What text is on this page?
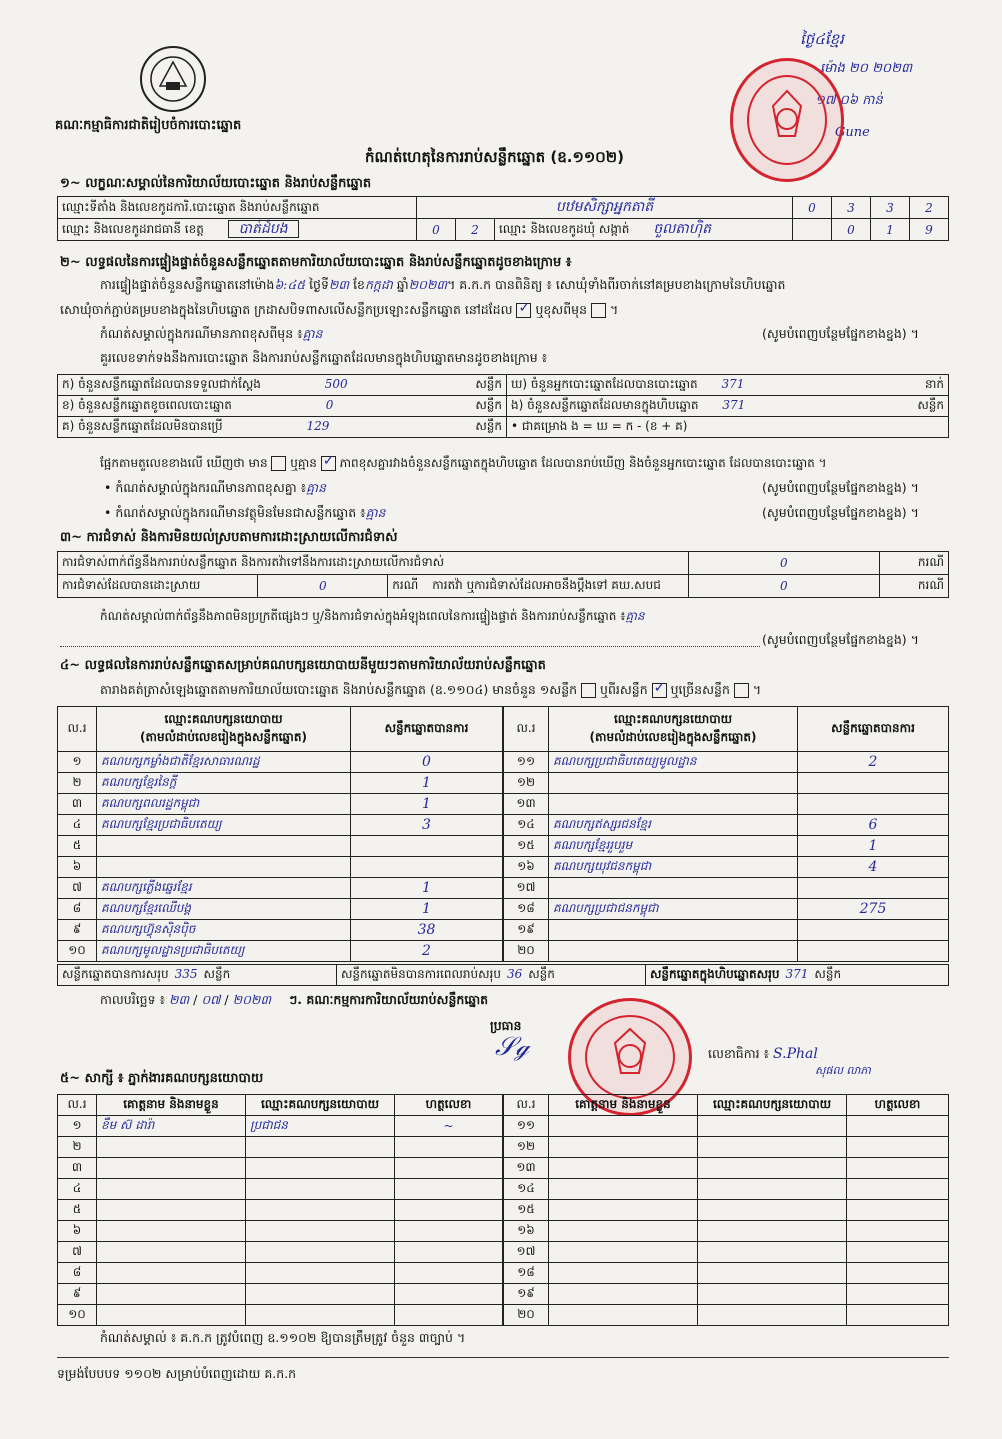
គណៈកម្មាធិការជាតិរៀបចំការបោះឆ្នោត
កំណត់ហេតុនៃការរាប់សន្លឹកឆ្នោត (ឧ.១១០២)
ថ្ងៃ៤ខ្មែរ
ម៉ោង ២០ ២០២៣
១៧ ០៦ កាន់
Gune
១~ លក្ខណៈសម្គាល់នៃការិយាល័យបោះឆ្នោត និងរាប់សន្លឹកឆ្នោត
ឈ្មោះទីតាំង និងលេខកូដការិ.បោះឆ្នោត និងរាប់សន្លឹកឆ្នោត	បឋមសិក្សាអ្នកតាតី			0	3	3	2
ឈ្មោះ និងលេខកូដរាជធានី ខេត្ត បាត់ដំបង	0	2	ឈ្មោះ និងលេខកូដឃុំ សង្កាត់ ចួលតាហ៊ិត		0	1	9
២~ លទ្ធផលនៃការផ្ទៀងផ្ទាត់ចំនួនសន្លឹកឆ្នោតតាមការិយាល័យបោះឆ្នោត និងរាប់សន្លឹកឆ្នោតដូចខាងក្រោម ៖
ការផ្ទៀងផ្ទាត់ចំនួនសន្លឹកឆ្នោតនៅម៉ោង៦:៤៥ ថ្ងៃទី២៣ ខែកក្កដា ឆ្នាំ២០២៣។ គ.ក.ក បានពិនិត្យ ៖ សោឃុំទាំងពីរចាក់នៅគម្របខាងក្រោមនៃហិបឆ្នោត
សោឃុំចាក់ភ្ជាប់គម្របខាងក្នុងនៃហិបឆ្នោត ក្រដាសបិទពាសលើសន្លឹកប្រឡោះសន្លឹកឆ្នោត នៅដដែល ✓ ឬខុសពីមុន  ។
កំណត់សម្គាល់ក្នុងករណីមានភាពខុសពីមុន ៖គ្មាន	(សូមបំពេញបន្ថែមផ្នែកខាងខ្នង) ។
គួរលេខទាក់ទងនឹងការបោះឆ្នោត និងការរាប់សន្លឹកឆ្នោតដែលមានក្នុងហិបឆ្នោតមានដូចខាងក្រោម ៖
ក) ចំនួនសន្លឹកឆ្នោតដែលបានទទួលជាក់ស្តែង 500 សន្លឹក	ឃ) ចំនួនអ្នកបោះឆ្នោតដែលបានបោះឆ្នោត 371 នាក់

ខ) ចំនួនសន្លឹកឆ្នោតខូចពេលបោះឆ្នោត 0 សន្លឹក	ង) ចំនួនសន្លឹកឆ្នោតដែលមានក្នុងហិបឆ្នោត 371 សន្លឹក

គ) ចំនួនសន្លឹកឆ្នោតដែលមិនបានប្រើ 129 សន្លឹក	• ជាគម្រោង ង = ឃ = ក - (ខ + គ)
ផ្អែកតាមតួលេខខាងលើ ឃើញថា មាន ឬគ្មាន ✓ ភាពខុសគ្នារវាងចំនួនសន្លឹកឆ្នោតក្នុងហិបឆ្នោត ដែលបានរាប់ឃើញ និងចំនួនអ្នកបោះឆ្នោត ដែលបានបោះឆ្នោត ។
• កំណត់សម្គាល់ក្នុងករណីមានភាពខុសគ្នា ៖គ្មាន	(សូមបំពេញបន្ថែមផ្នែកខាងខ្នង) ។
• កំណត់សម្គាល់ក្នុងករណីមានវត្ថុមិនមែនជាសន្លឹកឆ្នោត ៖គ្មាន	(សូមបំពេញបន្ថែមផ្នែកខាងខ្នង) ។
៣~ ការជំទាស់ និងការមិនយល់ស្របតាមការដោះស្រាយលើការជំទាស់
ការជំទាស់ពាក់ព័ន្ធនឹងការរាប់សន្លឹកឆ្នោត និងការតវ៉ាទៅនឹងការដោះស្រាយលើការជំទាស់			0	ករណី
ការជំទាស់ដែលបានដោះស្រាយ	0	ករណី ការតវ៉ា ឬការជំទាស់ដែលអាចនឹងប្តឹងទៅ គឃ.សបជ	0	ករណី
កំណត់សម្គាល់ពាក់ព័ន្ធនឹងភាពមិនប្រក្រតីផ្សេងៗ ឬ/និងការជំទាស់ក្នុងអំឡុងពេលនៃការផ្ទៀងផ្ទាត់ និងការរាប់សន្លឹកឆ្នោត ៖គ្មាន
(សូមបំពេញបន្ថែមផ្នែកខាងខ្នង) ។
៤~ លទ្ធផលនៃការរាប់សន្លឹកឆ្នោតសម្រាប់គណបក្សនយោបាយនីមួយៗតាមការិយាល័យរាប់សន្លឹកឆ្នោត
តារាងគត់ត្រាសំឡេងឆ្នោតតាមការិយាល័យបោះឆ្នោត និងរាប់សន្លឹកឆ្នោត (ឧ.១១០៤) មានចំនួន ១សន្លឹក ឬពីរសន្លឹក ✓ ឬច្រើនសន្លឹក  ។
ល.រ	ឈ្មោះគណបក្សនយោបាយ
(តាមលំដាប់លេខរៀងក្នុងសន្លឹកឆ្នោត)	សន្លឹកឆ្នោតបានការ
១	គណបក្សកម្លាំងជាតិខ្មែរសាធារណរដ្ឋ	0
២	គណបក្សខ្មែរនៃក្តី	1
៣	គណបក្សពលរដ្ឋកម្ពុជា	1
៤	គណបក្សខ្មែរប្រជាធិបតេយ្យ	3
៥		
៦		
៧	គណបក្សភ្លើងឆ្នេរខ្មែរ	1
៨	គណបក្សខ្មែរឈើបង្គ	1
៩	គណបក្សហ៊្វុនស៊ិនប៉ិច	38
១០	គណបក្សមូលដ្ឋានប្រជាធិបតេយ្យ	2
ល.រ	ឈ្មោះគណបក្សនយោបាយ
(តាមលំដាប់លេខរៀងក្នុងសន្លឹកឆ្នោត)	សន្លឹកឆ្នោតបានការ
១១	គណបក្សប្រជាធិបតេយ្យមូលដ្ឋាន	2
១២		
១៣		
១៤	គណបក្សឥស្សរជនខ្មែរ	6
១៥	គណបក្សខ្មែររួបរួម	1
១៦	គណបក្សយុវជនកម្ពុជា	4
១៧		
១៨	គណបក្សប្រជាជនកម្ពុជា	275
១៩		
២០		
សន្លឹកឆ្នោតបានការសរុប 335 សន្លឹក	សន្លឹកឆ្នោតមិនបានការពេលរាប់សរុប 36 សន្លឹក	សន្លឹកឆ្នោតក្នុងហិបឆ្នោតសរុប 371 សន្លឹក
កាលបរិច្ឆេទ ៖ ២៣ / ០៧ / ២០២៣ ៗ. គណៈកម្មការការិយាល័យរាប់សន្លឹកឆ្នោត
ប្រធាន
𝒮ℊ	លេខាធិការ ៖ S.Phal
សុផល លាភា
៥~ សាក្សី ៖ ភ្នាក់ងារគណបក្សនយោបាយ
ល.រ	គោត្តនាម និងនាមខ្លួន	ឈ្មោះគណបក្សនយោបាយ	ហត្ថលេខា
១	ខឹម ស៊ ដារ៉ា	ប្រជាជន	~
២			
៣			
៤			
៥			
៦			
៧			
៨			
៩			
១០			
ល.រ	គោត្តនាម និងនាមខ្លួន	ឈ្មោះគណបក្សនយោបាយ	ហត្ថលេខា
១១			
១២			
១៣			
១៤			
១៥			
១៦			
១៧			
១៨			
១៩			
២០			
កំណត់សម្គាល់ ៖ គ.ក.ក ត្រូវបំពេញ ឧ.១១០២ ឱ្យបានត្រឹមត្រូវ ចំនួន ៣ច្បាប់ ។
ទម្រង់បែបបទ ១១០២ សម្រាប់បំពេញដោយ គ.ក.ក
